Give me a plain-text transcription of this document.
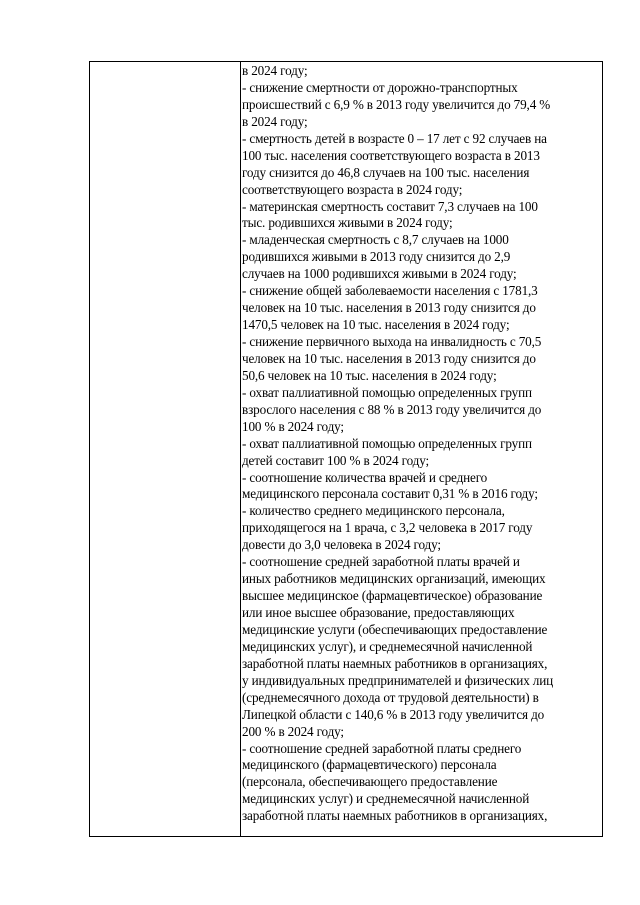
в 2024 году;
- снижение смертности от дорожно-транспортных
происшествий с 6,9 % в 2013 году увеличится до 79,4 %
в 2024 году;
- смертность детей в возрасте 0 – 17 лет с 92 случаев на
100 тыс. населения соответствующего возраста в 2013
году снизится до 46,8 случаев на 100 тыс. населения
соответствующего возраста в 2024 году;
- материнская смертность составит 7,3 случаев на 100
тыс. родившихся живыми в 2024 году;
- младенческая смертность с 8,7 случаев на 1000
родившихся живыми в 2013 году снизится до 2,9
случаев на 1000 родившихся живыми в 2024 году;
- снижение общей заболеваемости населения с 1781,3
человек на 10 тыс. населения в 2013 году снизится до
1470,5 человек на 10 тыс. населения в 2024 году;
- снижение первичного выхода на инвалидность с 70,5
человек на 10 тыс. населения в 2013 году снизится до
50,6 человек на 10 тыс. населения в 2024 году;
- охват паллиативной помощью определенных групп
взрослого населения с 88 % в 2013 году увеличится до
100 % в 2024 году;
- охват паллиативной помощью определенных групп
детей составит 100 % в 2024 году;
- соотношение количества врачей и среднего
медицинского персонала составит 0,31 % в 2016 году;
- количество среднего медицинского персонала,
приходящегося на 1 врача, с 3,2 человека в 2017 году
довести до 3,0 человека в 2024 году;
- соотношение средней заработной платы врачей и
иных работников медицинских организаций, имеющих
высшее медицинское (фармацевтическое) образование
или иное высшее образование, предоставляющих
медицинские услуги (обеспечивающих предоставление
медицинских услуг), и среднемесячной начисленной
заработной платы наемных работников в организациях,
у индивидуальных предпринимателей и физических лиц
(среднемесячного дохода от трудовой деятельности) в
Липецкой области с 140,6 % в 2013 году увеличится до
200 % в 2024 году;
- соотношение средней заработной платы среднего
медицинского (фармацевтического) персонала
(персонала, обеспечивающего предоставление
медицинских услуг) и среднемесячной начисленной
заработной платы наемных работников в организациях,
